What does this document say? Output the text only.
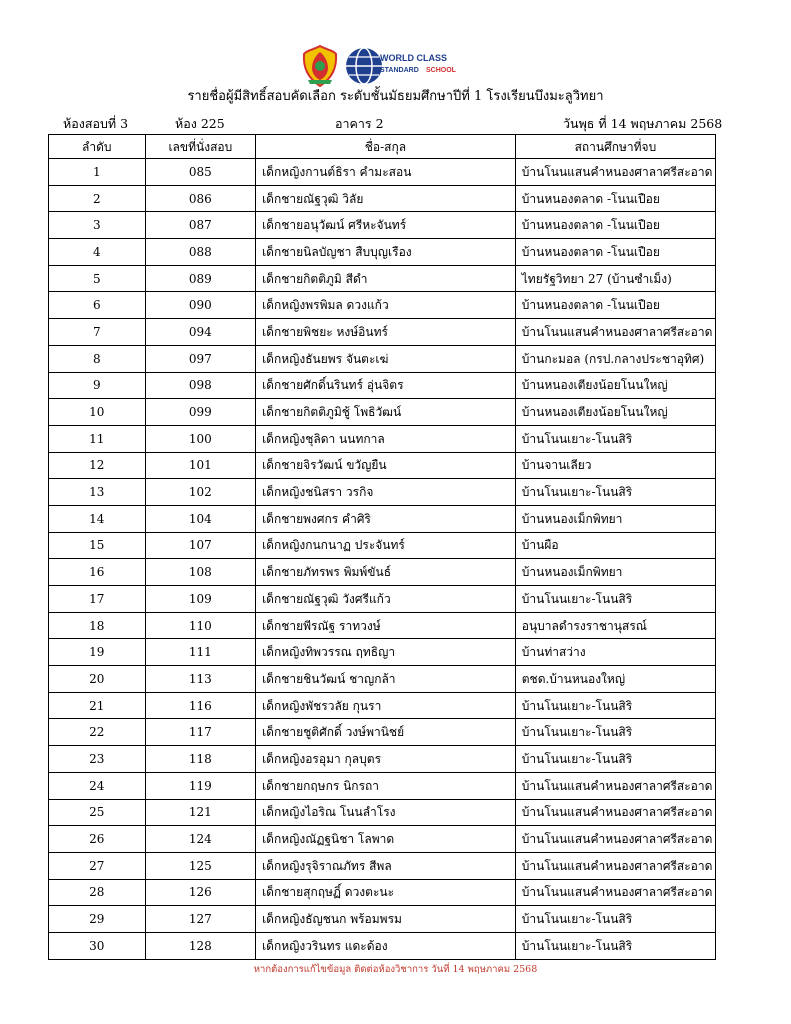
WORLD CLASS
STANDARD SCHOOL
รายชื่อผู้มีสิทธิ์สอบคัดเลือก ระดับชั้นมัธยมศึกษาปีที่ 1 โรงเรียนบึงมะลูวิทยา
ห้องสอบที่ 3	ห้อง 225	อาคาร 2	วันพุธ ที่ 14 พฤษภาคม 2568
ลำดับ	เลขที่นั่งสอบ	ชื่อ-สกุล	สถานศึกษาที่จบ
1	085	เด็กหญิงกานต์ธิรา คำมะสอน	บ้านโนนแสนคำหนองศาลาศรีสะอาด
2	086	เด็กชายณัฐวุฒิ วิลัย	บ้านหนองตลาด -โนนเปือย
3	087	เด็กชายอนุวัฒน์ ศรีหะจันทร์	บ้านหนองตลาด -โนนเปือย
4	088	เด็กชายนิลบัญชา สืบบุญเรือง	บ้านหนองตลาด -โนนเปือย
5	089	เด็กชายกิตติภูมิ สีดำ	ไทยรัฐวิทยา 27 (บ้านซำเม็ง)
6	090	เด็กหญิงพรพิมล ดวงแก้ว	บ้านหนองตลาด -โนนเปือย
7	094	เด็กชายพิชยะ หงษ์อินทร์	บ้านโนนแสนคำหนองศาลาศรีสะอาด
8	097	เด็กหญิงธันยพร จันตะเฆ่	บ้านกะมอล (กรป.กลางประชาอุทิศ)
9	098	เด็กชายศักดิ์นรินทร์ อุ่นจิตร	บ้านหนองเตียงน้อยโนนใหญ่
10	099	เด็กชายกิตติภูมิชู้ โพธิวัฒน์	บ้านหนองเตียงน้อยโนนใหญ่
11	100	เด็กหญิงชุลิดา นนทกาล	บ้านโนนเยาะ-โนนสิริ
12	101	เด็กชายจิรวัฒน์ ขวัญยืน	บ้านจานเลียว
13	102	เด็กหญิงชนิสรา วรกิจ	บ้านโนนเยาะ-โนนสิริ
14	104	เด็กชายพงศกร คำศิริ	บ้านหนองเม็กพิทยา
15	107	เด็กหญิงกนกนาฏ ประจันทร์	บ้านผือ
16	108	เด็กชายภัทรพร พิมพ์ขันธ์	บ้านหนองเม็กพิทยา
17	109	เด็กชายณัฐวุฒิ วังศรีแก้ว	บ้านโนนเยาะ-โนนสิริ
18	110	เด็กชายพีรณัฐ ราทวงษ์	อนุบาลดำรงราชานุสรณ์
19	111	เด็กหญิงทิพวรรณ ฤทธิญา	บ้านท่าสว่าง
20	113	เด็กชายชินวัฒน์ ชาญกล้า	ตชด.บ้านหนองใหญ่
21	116	เด็กหญิงพัชรวลัย กุนรา	บ้านโนนเยาะ-โนนสิริ
22	117	เด็กชายชูติศักดิ์ วงษ์พานิชย์	บ้านโนนเยาะ-โนนสิริ
23	118	เด็กหญิงอรอุมา กุลบุตร	บ้านโนนเยาะ-โนนสิริ
24	119	เด็กชายกฤษกร นิกรถา	บ้านโนนแสนคำหนองศาลาศรีสะอาด
25	121	เด็กหญิงไอริณ โนนลำโรง	บ้านโนนแสนคำหนองศาลาศรีสะอาด
26	124	เด็กหญิงณัฏฐนิชา โลพาด	บ้านโนนแสนคำหนองศาลาศรีสะอาด
27	125	เด็กหญิงรุจิราณภัทร สีพล	บ้านโนนแสนคำหนองศาลาศรีสะอาด
28	126	เด็กชายสุกฤษฏิ์ ดวงตะนะ	บ้านโนนแสนคำหนองศาลาศรีสะอาด
29	127	เด็กหญิงธัญชนก พร้อมพรม	บ้านโนนเยาะ-โนนสิริ
30	128	เด็กหญิงวรินทร แดะด้อง	บ้านโนนเยาะ-โนนสิริ
หากต้องการแก้ไขข้อมูล ติดต่อห้องวิชาการ วันที่ 14 พฤษภาคม 2568
